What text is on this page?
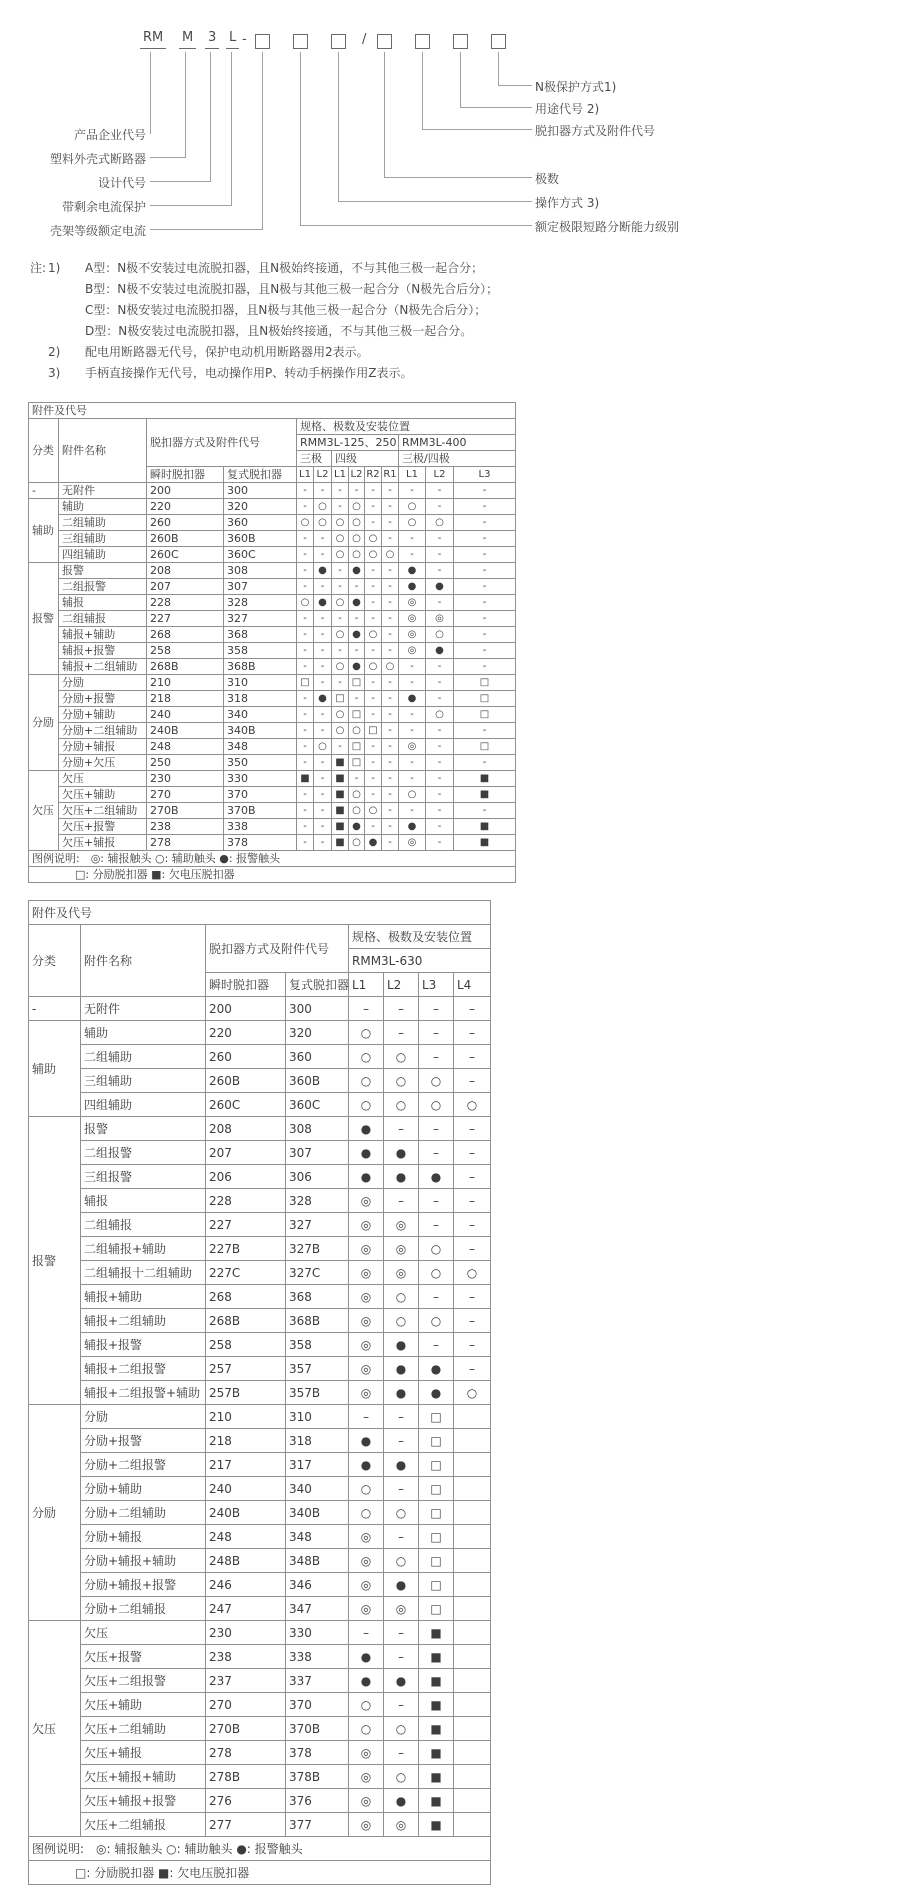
RM M 3 L -	/
产品企业代号
塑料外壳式断路器
设计代号
带剩余电流保护
壳架等级额定电流
N极保护方式1)
用途代号 2)
脱扣器方式及附件代号
极数
操作方式 3)
额定极限短路分断能力级别
注: 1)	A型：N极不安装过电流脱扣器，且N极始终接通，不与其他三极一起合分；
B型：N极不安装过电流脱扣器，且N极与其他三极一起合分（N极先合后分）；
C型：N极安装过电流脱扣器，且N极与其他三极一起合分（N极先合后分）；
D型：N极安装过电流脱扣器，且N极始终接通，不与其他三极一起合分。
2)	配电用断路器无代号，保护电动机用断路器用2表示。
3)	手柄直接操作无代号，电动操作用P、转动手柄操作用Z表示。
附件及代号												
分类	附件名称	脱扣器方式及附件代号		规格、极数及安装位置								
				RMM3L-125、250						RMM3L-400		
				三极		四级				三极/四极		
		瞬时脱扣器	复式脱扣器	L1	L2	L1	L2	R2	R1	L1	L2	L3
-	无附件	200	300	-	-	-	-	-	-	-	-	-
辅助	辅助	220	320	-	○	-	○	-	-	○	-	-
	二组辅助	260	360	○	○	○	○	-	-	○	○	-
	三组辅助	260B	360B	-	-	○	○	○	-	-	-	-
	四组辅助	260C	360C	-	-	○	○	○	○	-	-	-
报警	报警	208	308	-	●	-	●	-	-	●	-	-
	二组报警	207	307	-	-	-	-	-	-	●	●	-
	辅报	228	328	○	●	○	●	-	-	◎	-	-
	二组辅报	227	327	-	-	-	-	-	-	◎	◎	-
	辅报+辅助	268	368	-	-	○	●	○	-	◎	○	-
	辅报+报警	258	358	-	-	-	-	-	-	◎	●	-
	辅报+二组辅助	268B	368B	-	-	○	●	○	○	-	-	-
分励	分励	210	310	□	-	-	□	-	-	-	-	□
	分励+报警	218	318	-	●	□	-	-	-	●	-	□
	分励+辅助	240	340	-	-	○	□	-	-	-	○	□
	分励+二组辅助	240B	340B	-	-	○	○	□	-	-	-	-
	分励+辅报	248	348	-	○	-	□	-	-	◎	-	□
	分励+欠压	250	350	-	-	■	□	-	-	-	-	-
欠压	欠压	230	330	■	-	■	-	-	-	-	-	■
	欠压+辅助	270	370	-	-	■	○	-	-	○	-	■
	欠压+二组辅助	270B	370B	-	-	■	○	○	-	-	-	-
	欠压+报警	238	338	-	-	■	●	-	-	●	-	■
	欠压+辅报	278	378	-	-	■	○	●	-	◎	-	■
图例说明:　◎: 辅报触头 ○: 辅助触头 ●: 报警触头												
□: 分励脱扣器 ■: 欠电压脱扣器												
附件及代号							
分类	附件名称	脱扣器方式及附件代号		规格、极数及安装位置			
				RMM3L-630			
		瞬时脱扣器	复式脱扣器	L1	L2	L3	L4
-	无附件	200	300	–	–	–	–
辅助	辅助	220	320	○	–	–	–
	二组辅助	260	360	○	○	–	–
	三组辅助	260B	360B	○	○	○	–
	四组辅助	260C	360C	○	○	○	○
报警	报警	208	308	●	–	–	–
	二组报警	207	307	●	●	–	–
	三组报警	206	306	●	●	●	–
	辅报	228	328	◎	–	–	–
	二组辅报	227	327	◎	◎	–	–
	二组辅报+辅助	227B	327B	◎	◎	○	–
	二组辅报十二组辅助	227C	327C	◎	◎	○	○
	辅报+辅助	268	368	◎	○	–	–
	辅报+二组辅助	268B	368B	◎	○	○	–
	辅报+报警	258	358	◎	●	–	–
	辅报+二组报警	257	357	◎	●	●	–
	辅报+二组报警+辅助	257B	357B	◎	●	●	○
分励	分励	210	310	–	–	□	
	分励+报警	218	318	●	–	□	
	分励+二组报警	217	317	●	●	□	
	分励+辅助	240	340	○	–	□	
	分励+二组辅助	240B	340B	○	○	□	
	分励+辅报	248	348	◎	–	□	
	分励+辅报+辅助	248B	348B	◎	○	□	
	分励+辅报+报警	246	346	◎	●	□	
	分励+二组辅报	247	347	◎	◎	□	
欠压	欠压	230	330	–	–	■	
	欠压+报警	238	338	●	–	■	
	欠压+二组报警	237	337	●	●	■	
	欠压+辅助	270	370	○	–	■	
	欠压+二组辅助	270B	370B	○	○	■	
	欠压+辅报	278	378	◎	–	■	
	欠压+辅报+辅助	278B	378B	◎	○	■	
	欠压+辅报+报警	276	376	◎	●	■	
	欠压+二组辅报	277	377	◎	◎	■	
图例说明:　◎: 辅报触头 ○: 辅助触头 ●: 报警触头							
□: 分励脱扣器 ■: 欠电压脱扣器							
